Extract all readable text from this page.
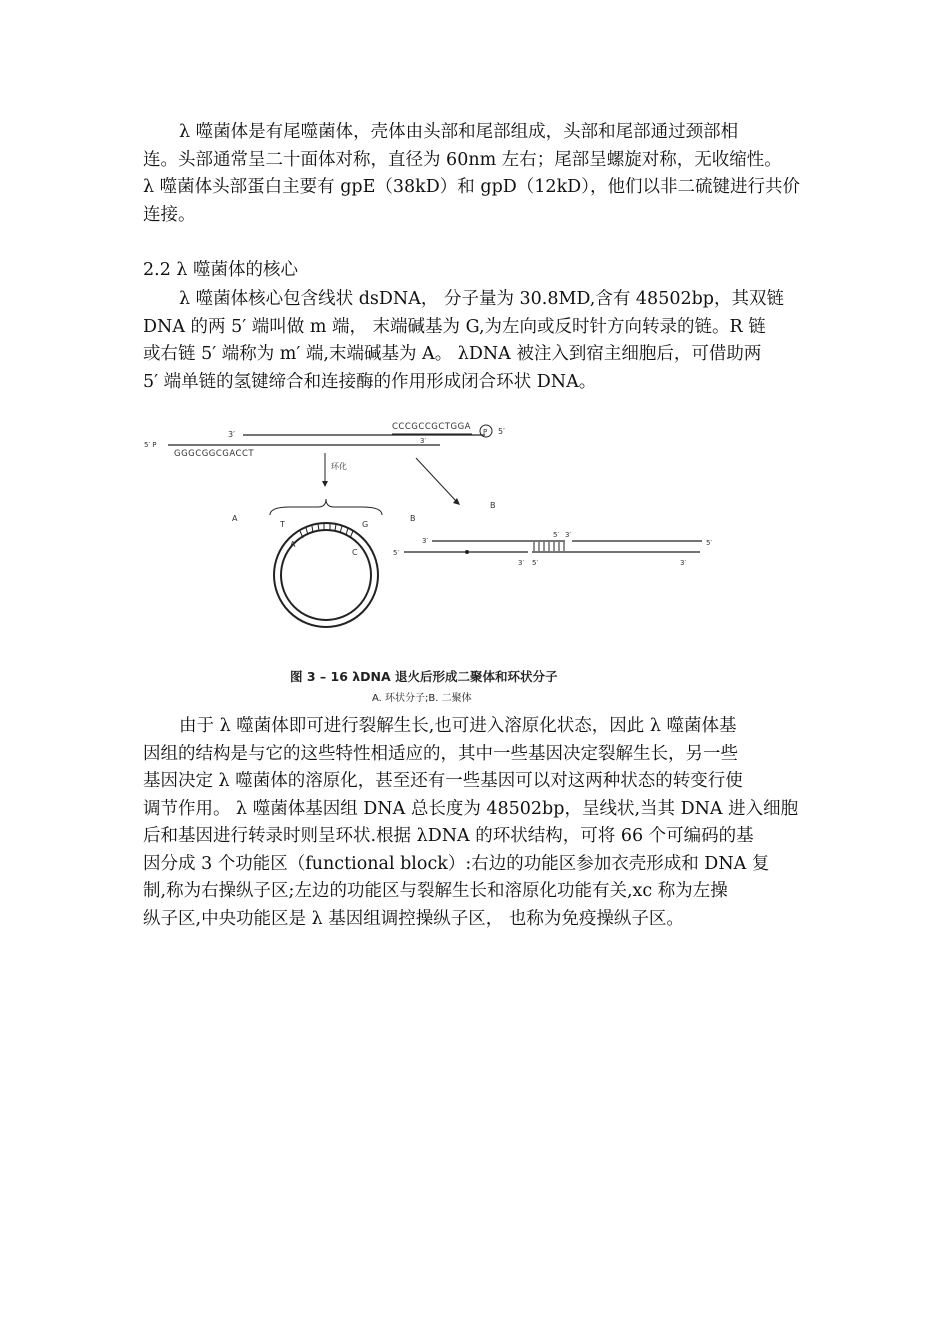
λ 噬菌体是有尾噬菌体，壳体由头部和尾部组成，头部和尾部通过颈部相
连。头部通常呈二十面体对称，直径为 60nm 左右；尾部呈螺旋对称，无收缩性。
λ 噬菌体头部蛋白主要有 gpE（38kD）和 gpD（12kD），他们以非二硫键进行共价
连接。
2.2 λ 噬菌体的核心
λ 噬菌体核心包含线状 dsDNA， 分子量为 30.8MD,含有 48502bp，其双链
DNA 的两 5′ 端叫做 m 端， 末端碱基为 G,为左向或反时针方向转录的链。R 链
或右链 5′ 端称为 m′ 端,末端碱基为 A。 λDNA 被注入到宿主细胞后，可借助两
5′ 端单链的氢键缔合和连接酶的作用形成闭合环状 DNA。
3′
CCCGCCGCTGGA P 5′
5′ P	3′
GGGCGGCGACCT
环化
B
A
T
A
G
C
B
3′
5′ 3′
5′
5′
3′ 5′	3′
图 3 – 16 λDNA 退火后形成二聚体和环状分子
A. 环状分子;B. 二聚体
由于 λ 噬菌体即可进行裂解生长,也可进入溶原化状态，因此 λ 噬菌体基
因组的结构是与它的这些特性相适应的，其中一些基因决定裂解生长，另一些
基因决定 λ 噬菌体的溶原化，甚至还有一些基因可以对这两种状态的转变行使
调节作用。 λ 噬菌体基因组 DNA 总长度为 48502bp，呈线状,当其 DNA 进入细胞
后和基因进行转录时则呈环状.根据 λDNA 的环状结构，可将 66 个可编码的基
因分成 3 个功能区（functional block）:右边的功能区参加衣壳形成和 DNA 复
制,称为右操纵子区;左边的功能区与裂解生长和溶原化功能有关,xc 称为左操
纵子区,中央功能区是 λ 基因组调控操纵子区， 也称为免疫操纵子区。
